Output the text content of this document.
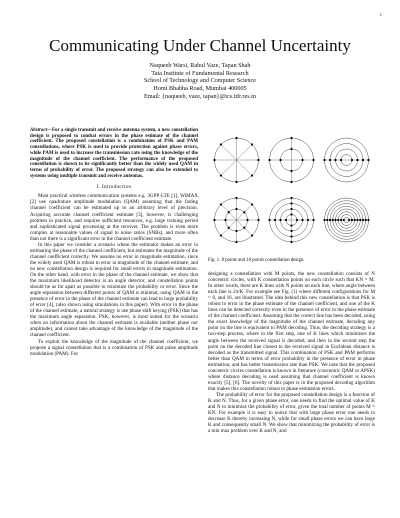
1
Communicating Under Channel Uncertainty
Naqueeb Warsi, Rahul Vaze, Tapan Shah
Tata Institute of Fundamental Research
School of Technology and Computer Science
Homi Bhabha Road, Mumbai 400005
Email: {naqueeb, vaze, tapan}@tcs.tifr.res.in
Abstract—For a single transmit and receive antenna system, a new constellation design is proposed to combat errors in the phase estimate of the channel coefficient. The proposed constellation is a combination of PSK and PAM constellations, where PSK is used to provide protection against phase errors, while PAM is used to increase the transmission rate using the knowledge of the magnitude of the channel coefficient. The performance of the proposed constellation is shown to be significantly better than the widely used QAM in terms of probability of error. The proposed strategy can also be extended to systems using multiple transmit and receive antennas.
I. Introduction

Most practical wireless communication systems e.g. 3GPP-LTE [1], WiMAX [2] use quadrature amplitude modulation (QAM) assuming that the fading channel coefficient can be estimated up to an arbitrary level of precision. Acquiring accurate channel coefficient estimate [3], however, is challenging problem in practice, and requires sufficient resources, e.g. large training period and sophisticated signal processing at the receiver. The problem is even more complex at reasonable values of signal to noise ratios (SNRs), and more often than not there is a significant error in the channel coefficient estimate.

In this paper we consider a scenario where the estimator makes an error in estimating the phase of the channel coefficient, but estimates the magnitude of the channel coefficient correctly. We assume no error in magnitude estimation, since the widely used QAM is robust to error in magnitude of the channel estimate, and no new constellation design is required for small errors in magnitude estimation. On the other hand, with error in the phase of the channel estimate, we show that the maximum likelihood detector is an angle detector, and constellation points should be as far apart as possible to minimize the probability or error. Since the angle separation between different points of QAM is minimal, using QAM in the presence of error in the phase of the channel estimate can lead to large probability of error [4], (also shown using simulations in this paper). With error in the phase of the channel estimate, a natural strategy is use phase shift keying (PSK) that has the maximum angle separation. PSK, however, is most suited for the scenario when no information about the channel estimate is available (neither phase nor amplitude), and cannot take advantage of the knowledge of the magnitude of the channel coefficient.

To exploit the knowledge of the magnitude of the channel coefficient, we propose a signal constellation that is a combination of PSK and pulse amplitude modulation (PAM). For

Fig. 1. 8 points and 16 points constellation design.

designing a constellation with M points, the new constellation consists of N concentric circles, with K constellation points on each circle such that KN = M. In other words, there are K lines with N points on each line, where angle between each line is 2π/K. For example see Fig. (1) where different configurations for M = 8, and 16, are illustrated. The idea behind this new constellation is that PSK is robust to error in the phase estimate of the channel coefficient, and one of the K lines can be detected correctly even in the presence of error in the phase estimate of the channel coefficient. Assuming that the correct line has been decoded, using the exact knowledge of the magnitude of the channel estimate, decoding any point on the line is equivalent to PAM decoding. Thus, the decoding strategy is a two-step process, where in the first step, one of K lines which minimizes the angle between the received signal is decoded, and then in the second step the point on the decoded line closest to the received signal in Euclidean distance is decoded as the transmitted signal. This combination of PSK and PAM performs better than QAM in terms of error probability in the presence of error in phase estimation, and has better transmission rate than PSK. We note that the proposed concentric circles constellation is known in literature (concentric QAM or APSK) where distance decoding is used assuming that channel coefficient is known exactly [5], [6]. The novelty of this paper is in the proposed decoding algorithm that makes this constellation robust to phase estimation errors.

The probability of error for the proposed constellation design is a function of K and N. Thus, for a given phase error, one needs to find the optimal value of K and N to minimize the probability of error, given the total number of points M = KN. For example it is easy to notice that with large phase error one needs to decrease K thereby increasing N, while for small phase errors we can have large K and consequently small N. We show that minimizing the probability of error is a min max problem over K and N, and
